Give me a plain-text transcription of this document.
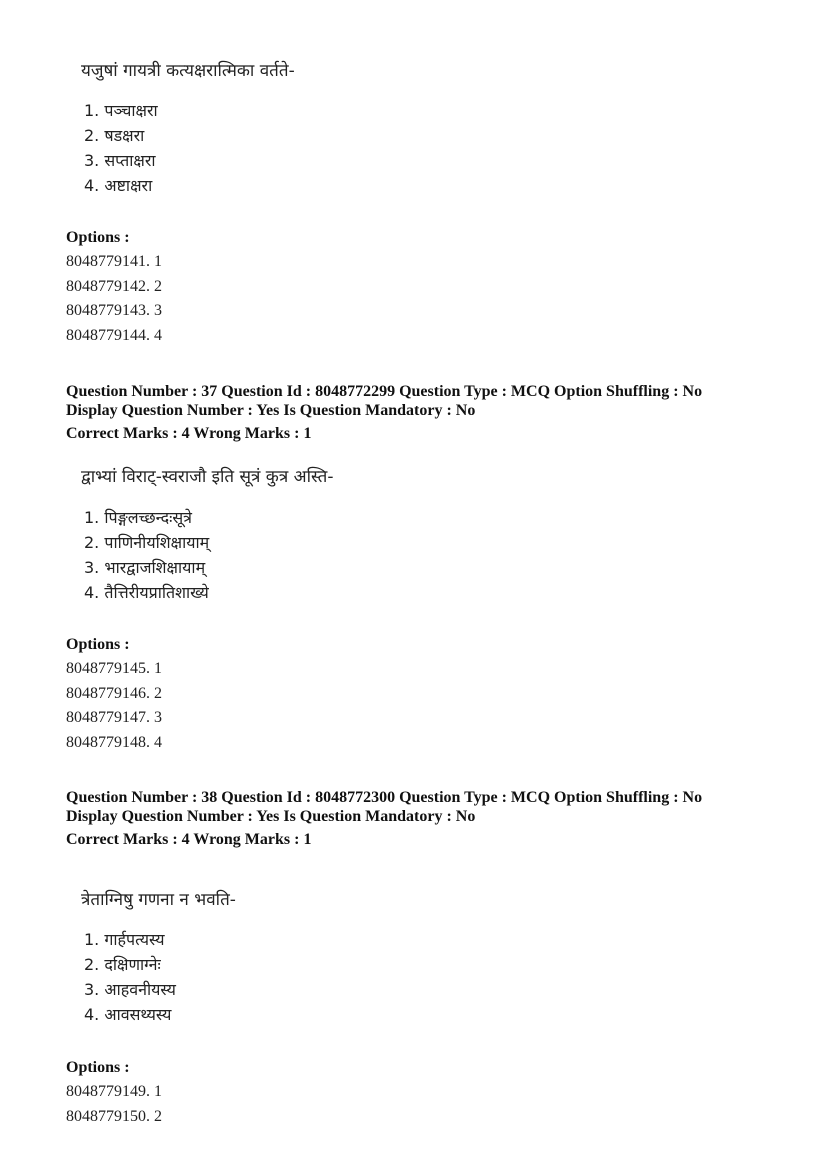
यजुषां गायत्री कत्यक्षरात्मिका वर्तते-
1. पञ्चाक्षरा
2. षडक्षरा
3. सप्ताक्षरा
4. अष्टाक्षरा
Options :
8048779141. 1
8048779142. 2
8048779143. 3
8048779144. 4
Question Number : 37 Question Id : 8048772299 Question Type : MCQ Option Shuffling : No
Display Question Number : Yes Is Question Mandatory : No
Correct Marks : 4 Wrong Marks : 1
द्वाभ्यां विराट्-स्वराजौ इति सूत्रं कुत्र अस्ति-
1. पिङ्गलच्छन्दःसूत्रे
2. पाणिनीयशिक्षायाम्
3. भारद्वाजशिक्षायाम्
4. तैत्तिरीयप्रातिशाख्ये
Options :
8048779145. 1
8048779146. 2
8048779147. 3
8048779148. 4
Question Number : 38 Question Id : 8048772300 Question Type : MCQ Option Shuffling : No
Display Question Number : Yes Is Question Mandatory : No
Correct Marks : 4 Wrong Marks : 1
त्रेताग्निषु गणना न भवति-
1. गार्हपत्यस्य
2. दक्षिणाग्नेः
3. आहवनीयस्य
4. आवसथ्यस्य
Options :
8048779149. 1
8048779150. 2
